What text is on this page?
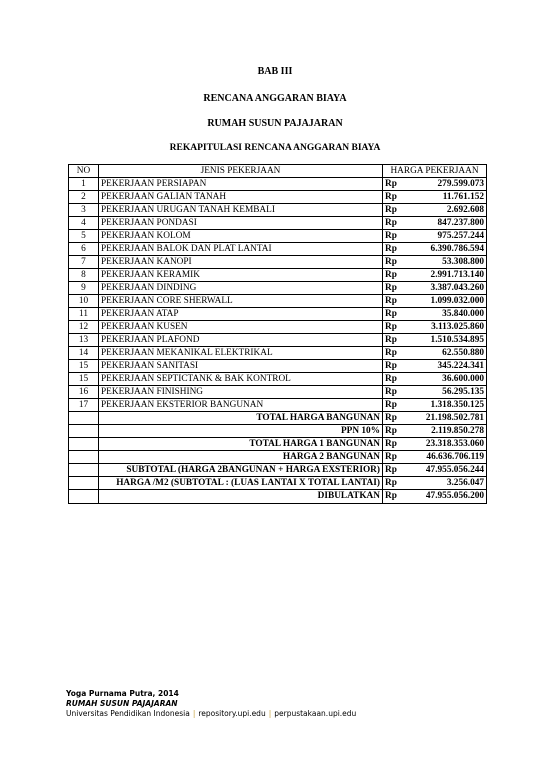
BAB III
RENCANA ANGGARAN BIAYA
RUMAH SUSUN PAJAJARAN
REKAPITULASI RENCANA ANGGARAN BIAYA
NO	JENIS PEKERJAAN	HARGA PEKERJAAN	
1	PEKERJAAN PERSIAPAN	Rp	279.599.073
2	PEKERJAAN GALIAN TANAH	Rp	11.761.152
3	PEKERJAAN URUGAN TANAH KEMBALI	Rp	2.692.608
4	PEKERJAAN PONDASI	Rp	847.237.800
5	PEKERJAAN KOLOM	Rp	975.257.244
6	PEKERJAAN BALOK DAN PLAT LANTAI	Rp	6.390.786.594
7	PEKERJAAN KANOPI	Rp	53.308.800
8	PEKERJAAN KERAMIK	Rp	2.991.713.140
9	PEKERJAAN DINDING	Rp	3.387.043.260
10	PEKERJAAN CORE SHERWALL	Rp	1.099.032.000
11	PEKERJAAN ATAP	Rp	35.840.000
12	PEKERJAAN KUSEN	Rp	3.113.025.860
13	PEKERJAAN PLAFOND	Rp	1.510.534.895
14	PEKERJAAN MEKANIKAL ELEKTRIKAL	Rp	62.550.880
15	PEKERJAAN SANITASI	Rp	345.224.341
15	PEKERJAAN SEPTICTANK & BAK KONTROL	Rp	36.600.000
16	PEKERJAAN FINISHING	Rp	56.295.135
17	PEKERJAAN EKSTERIOR BANGUNAN	Rp	1.318.350.125
	TOTAL HARGA BANGUNAN	Rp	21.198.502.781
	PPN 10%	Rp	2.119.850.278
	TOTAL HARGA 1 BANGUNAN	Rp	23.318.353.060
	HARGA 2 BANGUNAN	Rp	46.636.706.119
	SUBTOTAL (HARGA 2BANGUNAN + HARGA EXSTERIOR)	Rp	47.955.056.244
	HARGA /M2 (SUBTOTAL : (LUAS LANTAI X TOTAL LANTAI)	Rp	3.256.047
	DIBULATKAN	Rp	47.955.056.200
Yoga Purnama Putra, 2014
RUMAH SUSUN PAJAJARAN
Universitas Pendidikan Indonesia | repository.upi.edu | perpustakaan.upi.edu
